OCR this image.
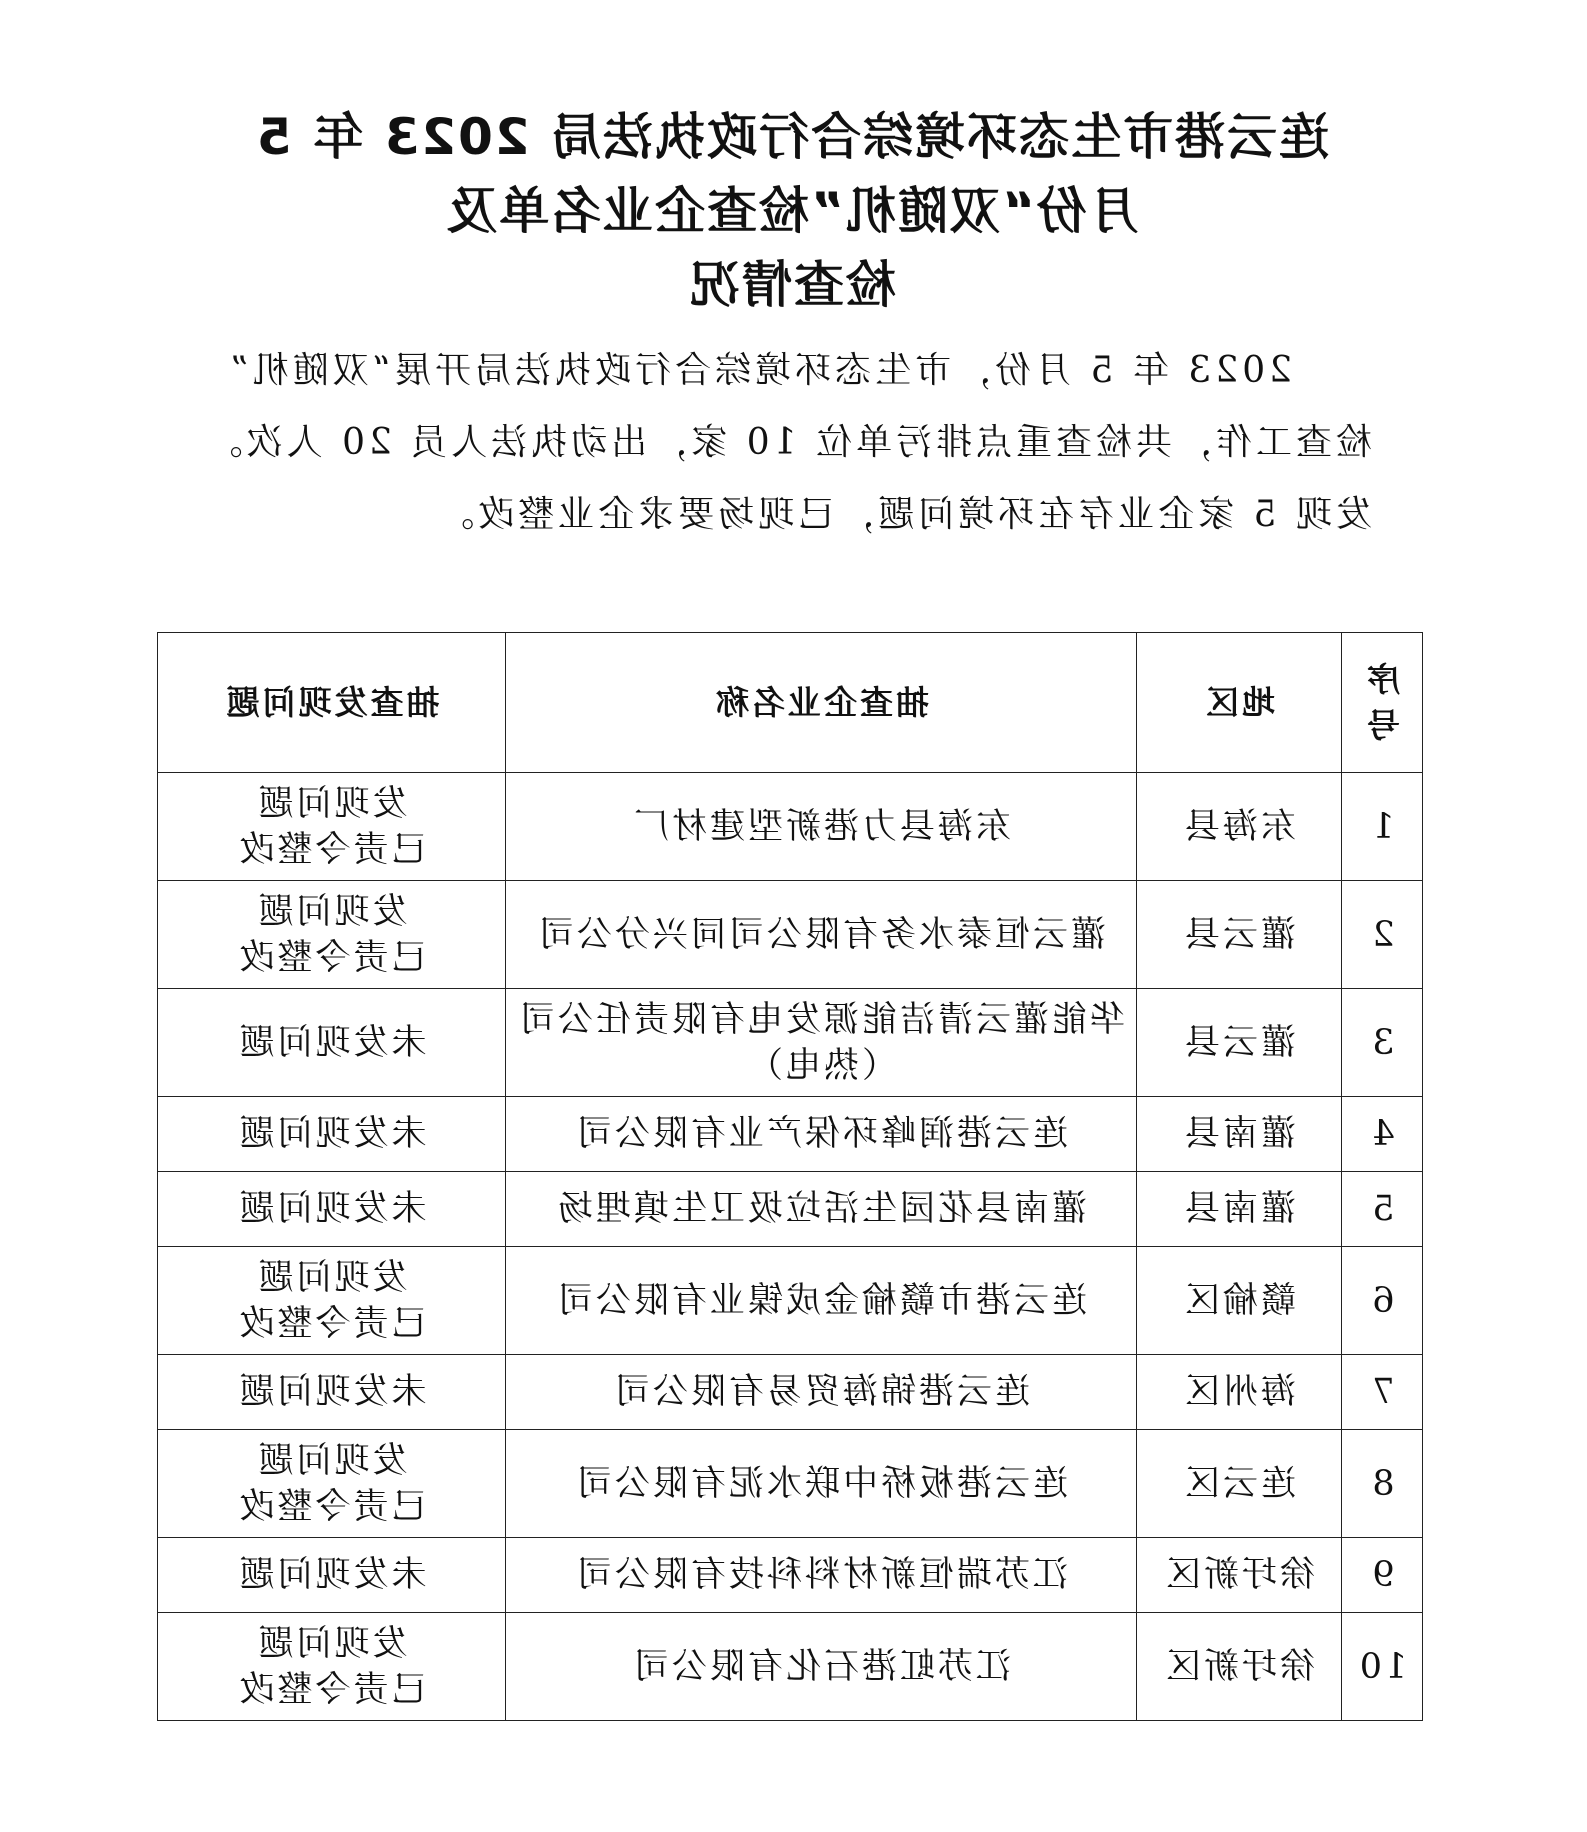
连云港市生态环境综合行政执法局 2023 年 5
月份“双随机”检查企业名单及
检查情况

2023 年 5 月份，市生态环境综合行政执法局开展“双随机”

检查工作，共检查重点排污单位 10 家，出动执法人员 20 人次。

发现 5 家企业存在环境问题，已现场要求企业整改。

序
号	地区	抽查企业名称	抽查发现问题
1	东海县	东海县力港新型建材厂	发现问题
已责令整改

2	灌云县	灌云恒泰水务有限公司同兴分公司	发现问题
已责令整改

3	灌云县	华能灌云清洁能源发电有限责任公司（热电）	未发现问题

4	灌南县	连云港润峰环保产业有限公司	未发现问题

5	灌南县	灌南县花园生活垃圾卫生填埋场	未发现问题

6	赣榆区	连云港市赣榆金成镍业有限公司	发现问题
已责令整改

7	海州区	连云港锦海贸易有限公司	未发现问题

8	连云区	连云港板桥中联水泥有限公司	发现问题
已责令整改

9	徐圩新区	江苏瑞恒新材料科技有限公司	未发现问题

10	徐圩新区	江苏虹港石化有限公司	发现问题
已责令整改
